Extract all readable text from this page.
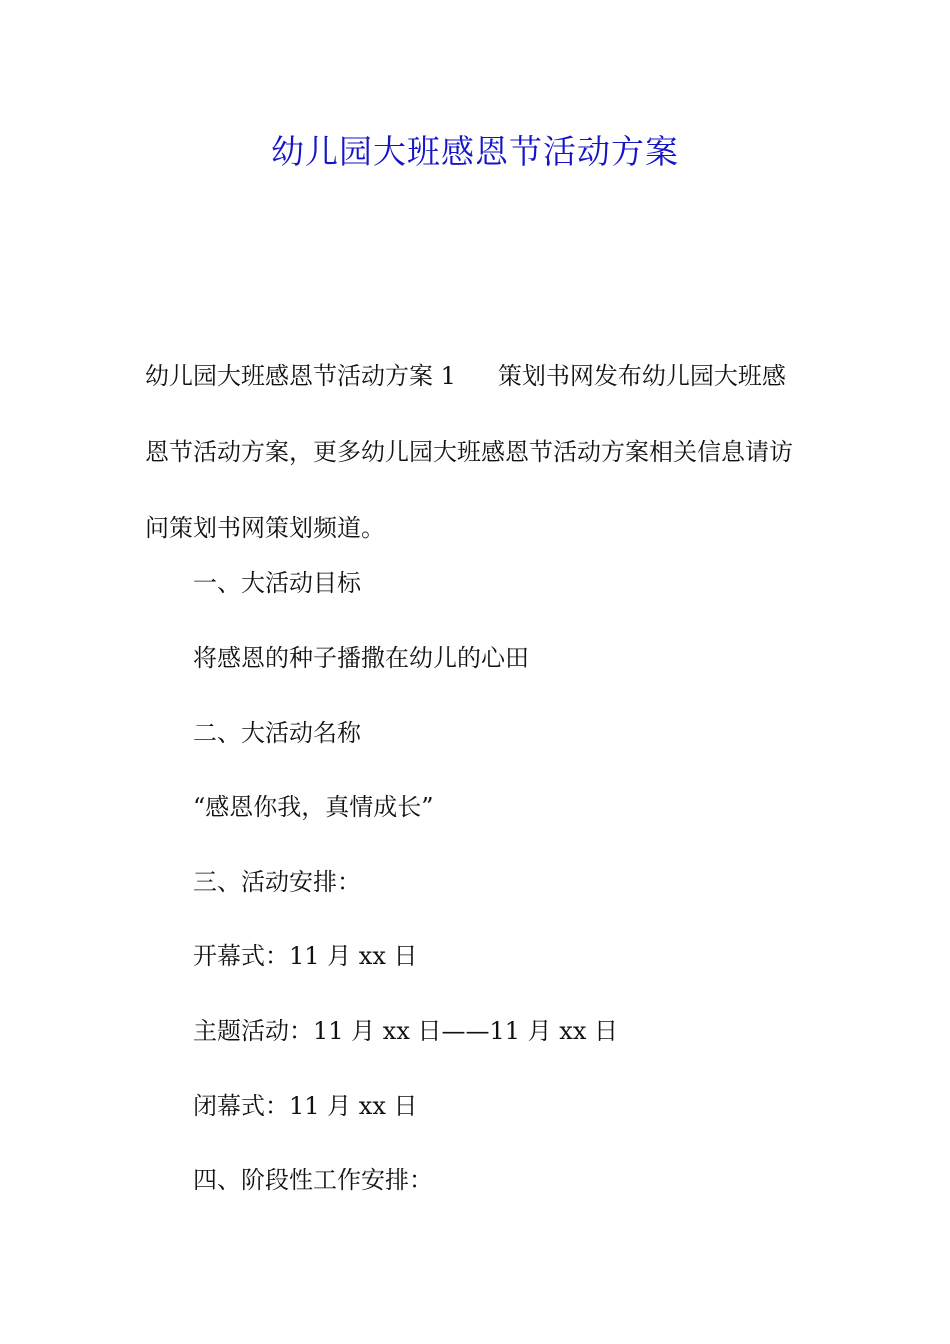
幼儿园大班感恩节活动方案
幼儿园大班感恩节活动方案 1 策划书网发布幼儿园大班感
恩节活动方案，更多幼儿园大班感恩节活动方案相关信息请访
问策划书网策划频道。
一、大活动目标
将感恩的种子播撒在幼儿的心田
二、大活动名称
“感恩你我，真情成长”
三、活动安排：
开幕式：11 月 xx 日
主题活动：11 月 xx 日——11 月 xx 日
闭幕式：11 月 xx 日
四、阶段性工作安排：
